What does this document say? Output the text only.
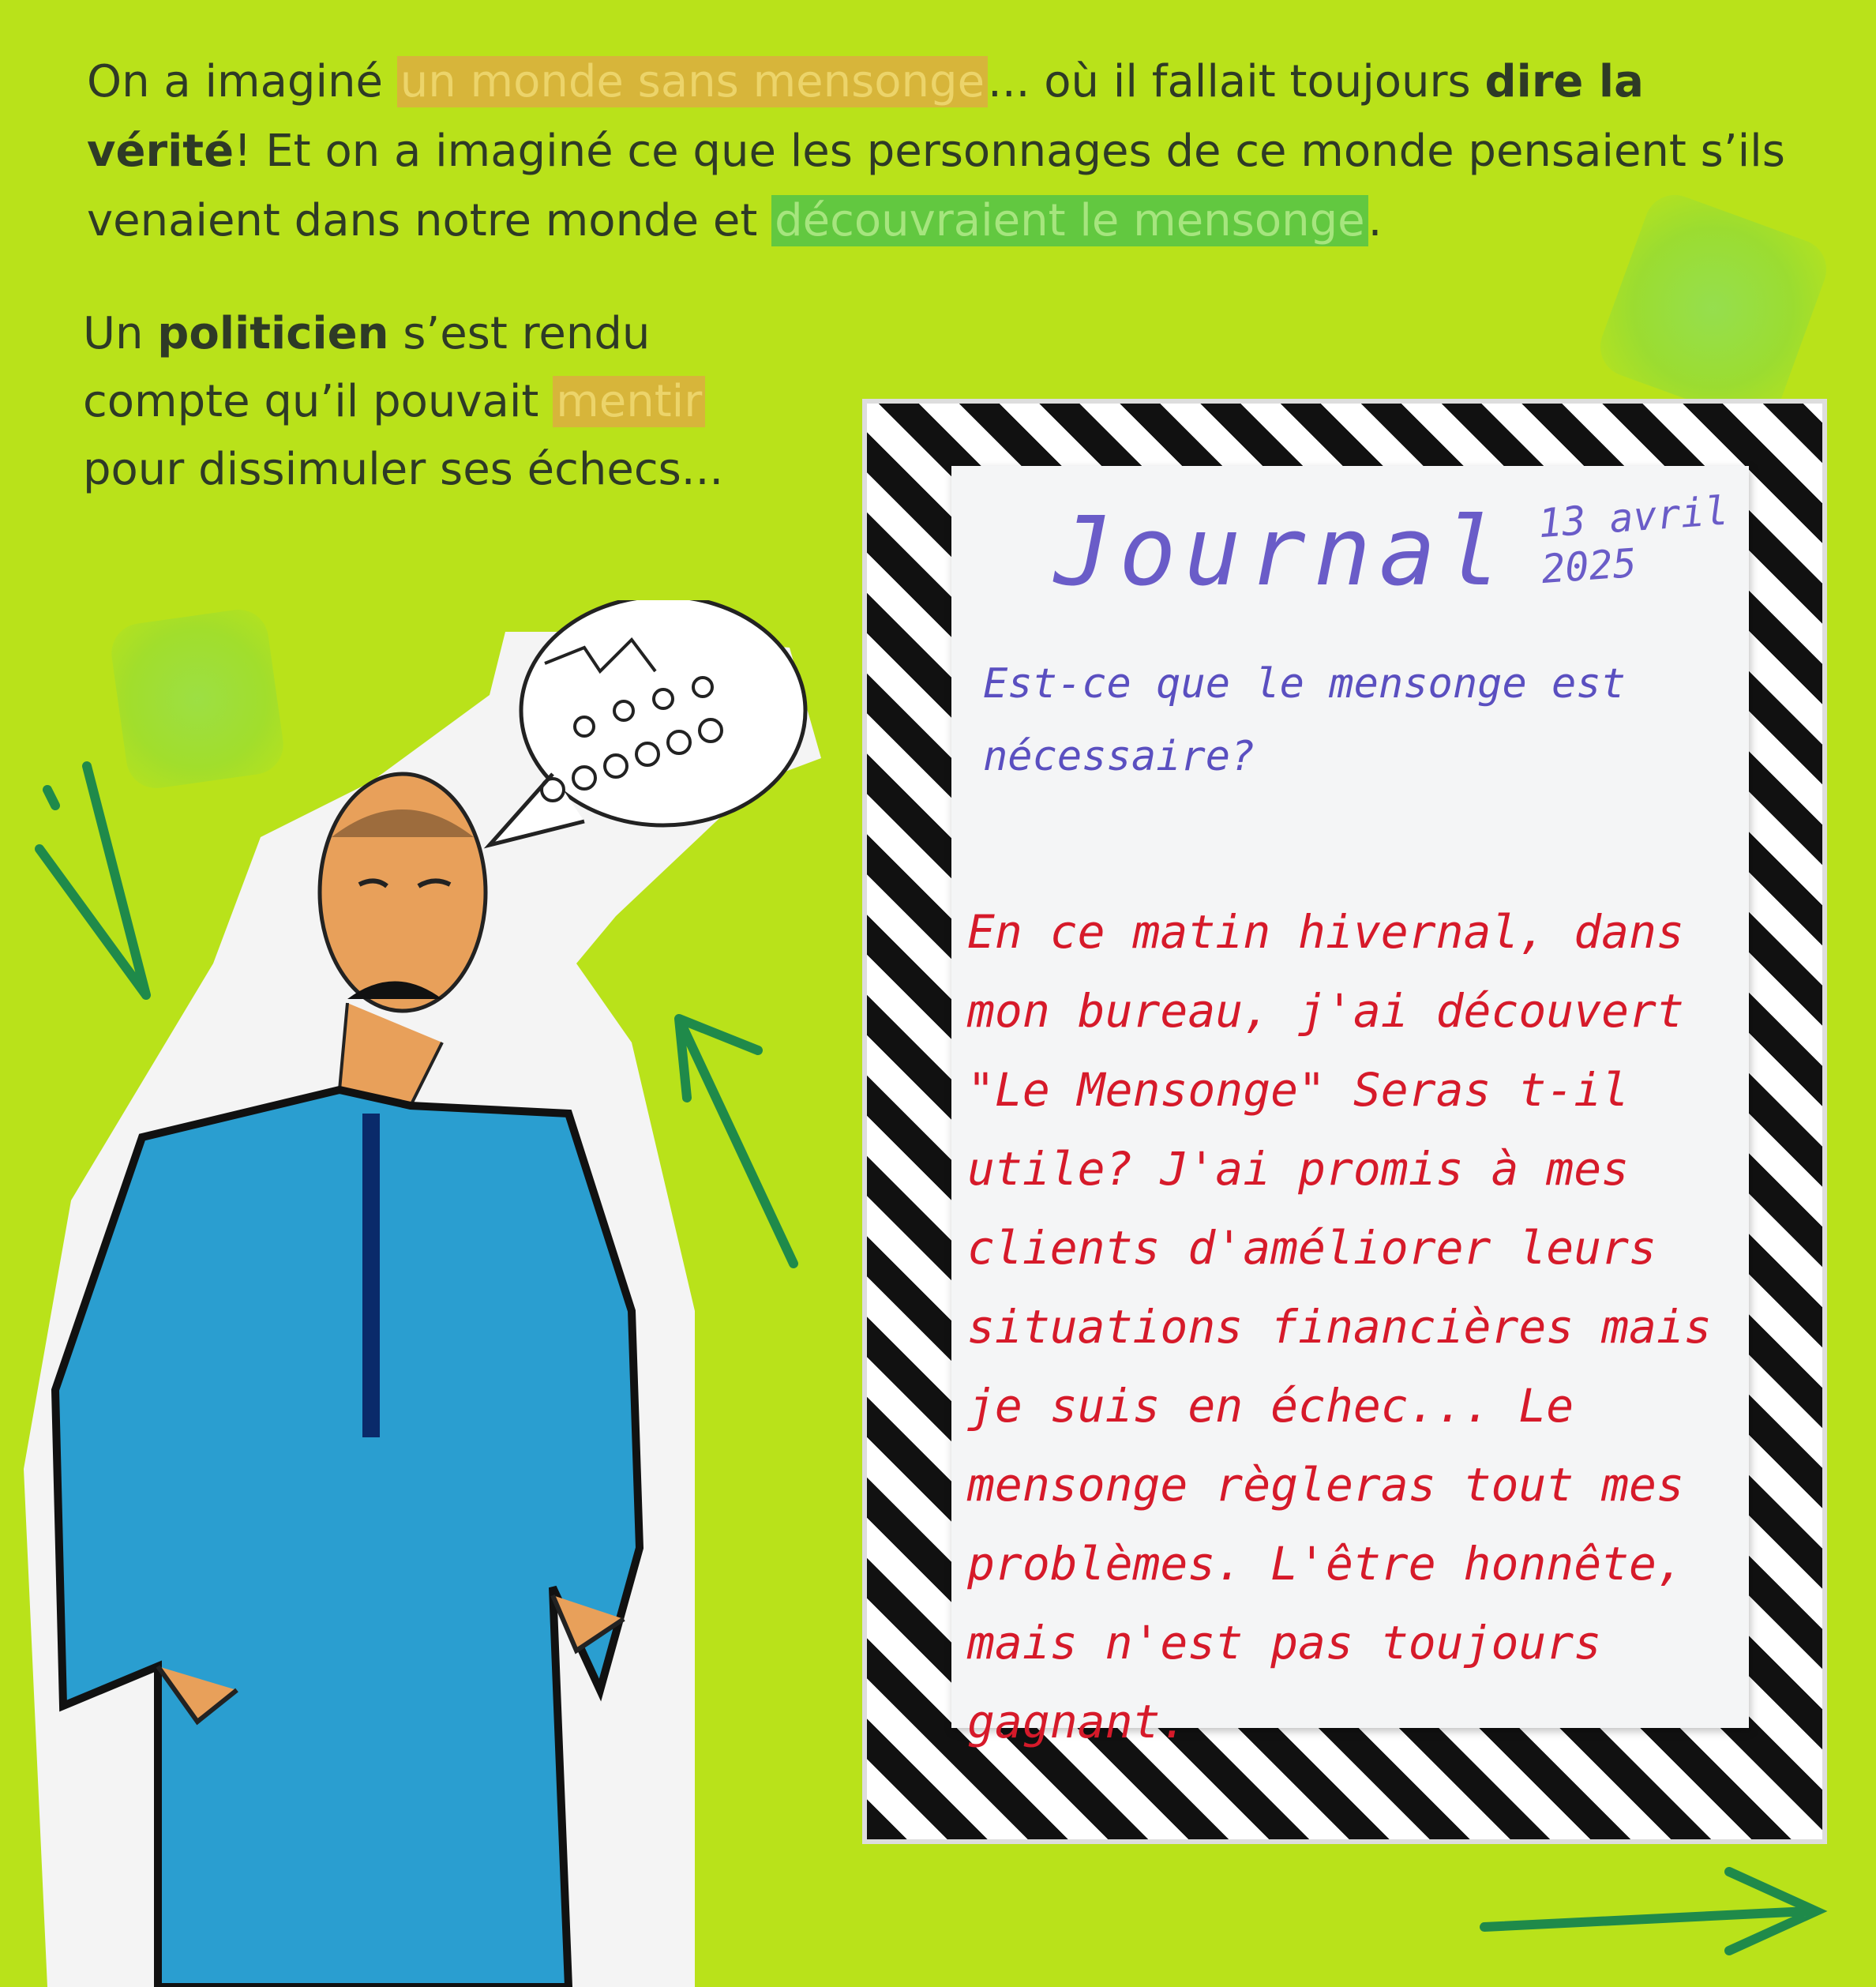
On a imaginé un monde sans mensonge... où il fallait toujours dire la vérité! Et on a imaginé ce que les personnages de ce monde pensaient s’ils venaient dans notre monde et découvraient le mensonge.
Un politicien s’est rendu compte qu’il pouvait mentir pour dissimuler ses échecs...
Journal 13 avril 2025
Est-ce que le mensonge est nécessaire?
En ce matin hivernal, dans mon bureau, j'ai découvert "Le Mensonge" Seras t-il utile? J'ai promis à mes clients d'améliorer leurs situations financières mais je suis en échec... Le mensonge règleras tout mes problèmes. L'être honnête, mais n'est pas toujours gagnant.
